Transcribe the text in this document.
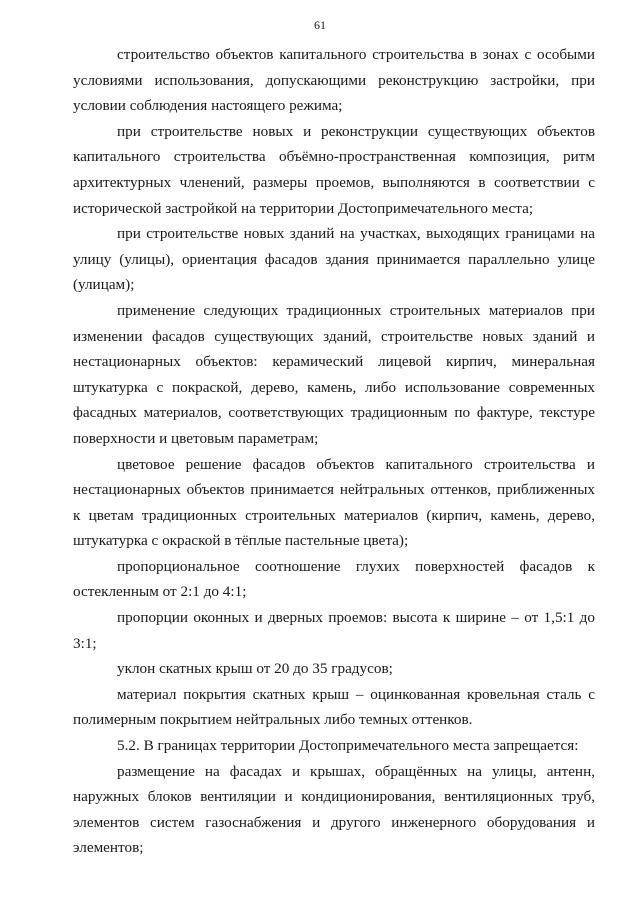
61

строительство объектов капитального строительства в зонах с особыми условиями использования, допускающими реконструкцию застройки, при условии соблюдения настоящего режима;

при строительстве новых и реконструкции существующих объектов капитального строительства объёмно-пространственная композиция, ритм архитектурных членений, размеры проемов, выполняются в соответствии с исторической застройкой на территории Достопримечательного места;

при строительстве новых зданий на участках, выходящих границами на улицу (улицы), ориентация фасадов здания принимается параллельно улице (улицам);

применение следующих традиционных строительных материалов при изменении фасадов существующих зданий, строительстве новых зданий и нестационарных объектов: керамический лицевой кирпич, минеральная штукатурка с покраской, дерево, камень, либо использование современных фасадных материалов, соответствующих традиционным по фактуре, текстуре поверхности и цветовым параметрам;

цветовое решение фасадов объектов капитального строительства и нестационарных объектов принимается нейтральных оттенков, приближенных к цветам традиционных строительных материалов (кирпич, камень, дерево, штукатурка с окраской в тёплые пастельные цвета);

пропорциональное соотношение глухих поверхностей фасадов к остекленным от 2:1 до 4:1;

пропорции оконных и дверных проемов: высота к ширине – от 1,5:1 до 3:1;

уклон скатных крыш от 20 до 35 градусов;

материал покрытия скатных крыш – оцинкованная кровельная сталь с полимерным покрытием нейтральных либо темных оттенков.

5.2. В границах территории Достопримечательного места запрещается:

размещение на фасадах и крышах, обращённых на улицы, антенн, наружных блоков вентиляции и кондиционирования, вентиляционных труб, элементов систем газоснабжения и другого инженерного оборудования и элементов;
